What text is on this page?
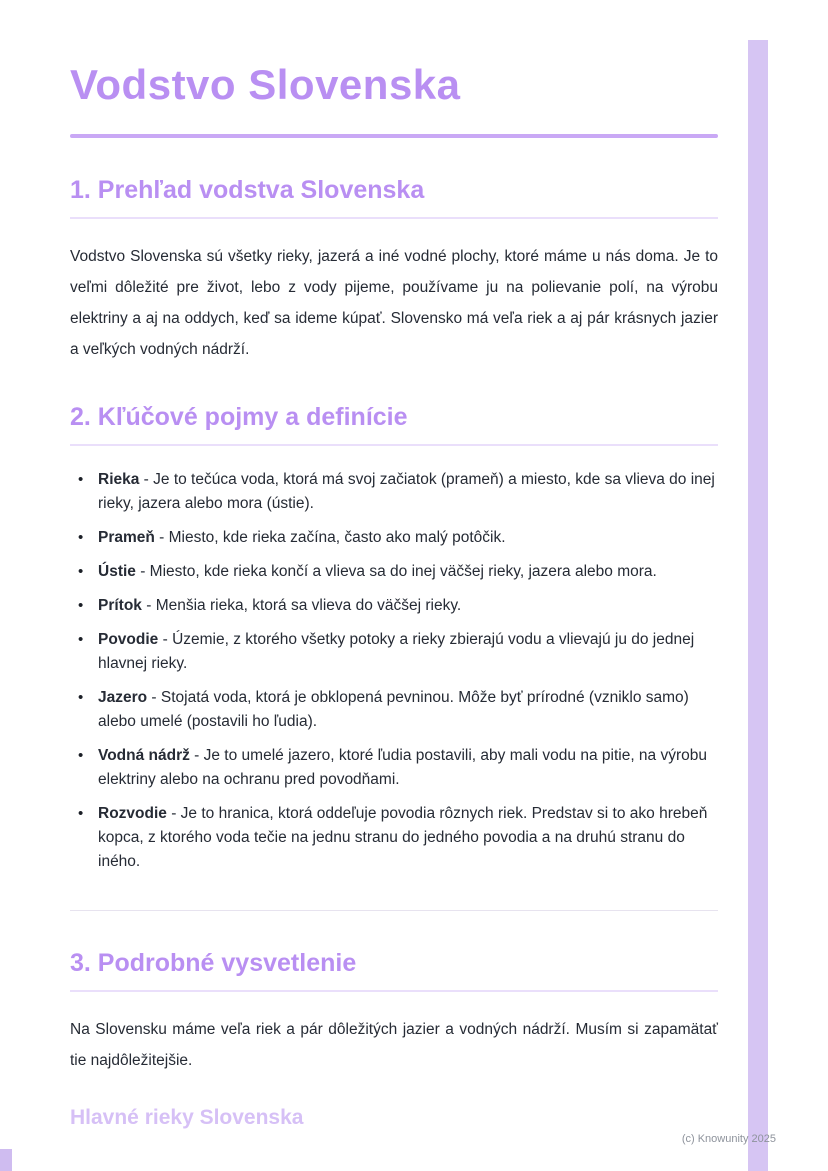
Vodstvo Slovenska
1. Prehľad vodstva Slovenska

Vodstvo Slovenska sú všetky rieky, jazerá a iné vodné plochy, ktoré máme u nás doma. Je to veľmi dôležité pre život, lebo z vody pijeme, používame ju na polievanie polí, na výrobu elektriny a aj na oddych, keď sa ideme kúpať. Slovensko má veľa riek a aj pár krásnych jazier a veľkých vodných nádrží.

2. Kľúčové pojmy a definície
• Rieka - Je to tečúca voda, ktorá má svoj začiatok (prameň) a miesto, kde sa vlieva do inej rieky, jazera alebo mora (ústie).
• Prameň - Miesto, kde rieka začína, často ako malý potôčik.
• Ústie - Miesto, kde rieka končí a vlieva sa do inej väčšej rieky, jazera alebo mora.
• Prítok - Menšia rieka, ktorá sa vlieva do väčšej rieky.
• Povodie - Územie, z ktorého všetky potoky a rieky zbierajú vodu a vlievajú ju do jednej hlavnej rieky.
• Jazero - Stojatá voda, ktorá je obklopená pevninou. Môže byť prírodné (vzniklo samo) alebo umelé (postavili ho ľudia).
• Vodná nádrž - Je to umelé jazero, ktoré ľudia postavili, aby mali vodu na pitie, na výrobu elektriny alebo na ochranu pred povodňami.
• Rozvodie - Je to hranica, ktorá oddeľuje povodia rôznych riek. Predstav si to ako hrebeň kopca, z ktorého voda tečie na jednu stranu do jedného povodia a na druhú stranu do iného.
3. Podrobné vysvetlenie

Na Slovensku máme veľa riek a pár dôležitých jazier a vodných nádrží. Musím si zapamätať tie najdôležitejšie.

Hlavné rieky Slovenska
(c) Knowunity 2025
